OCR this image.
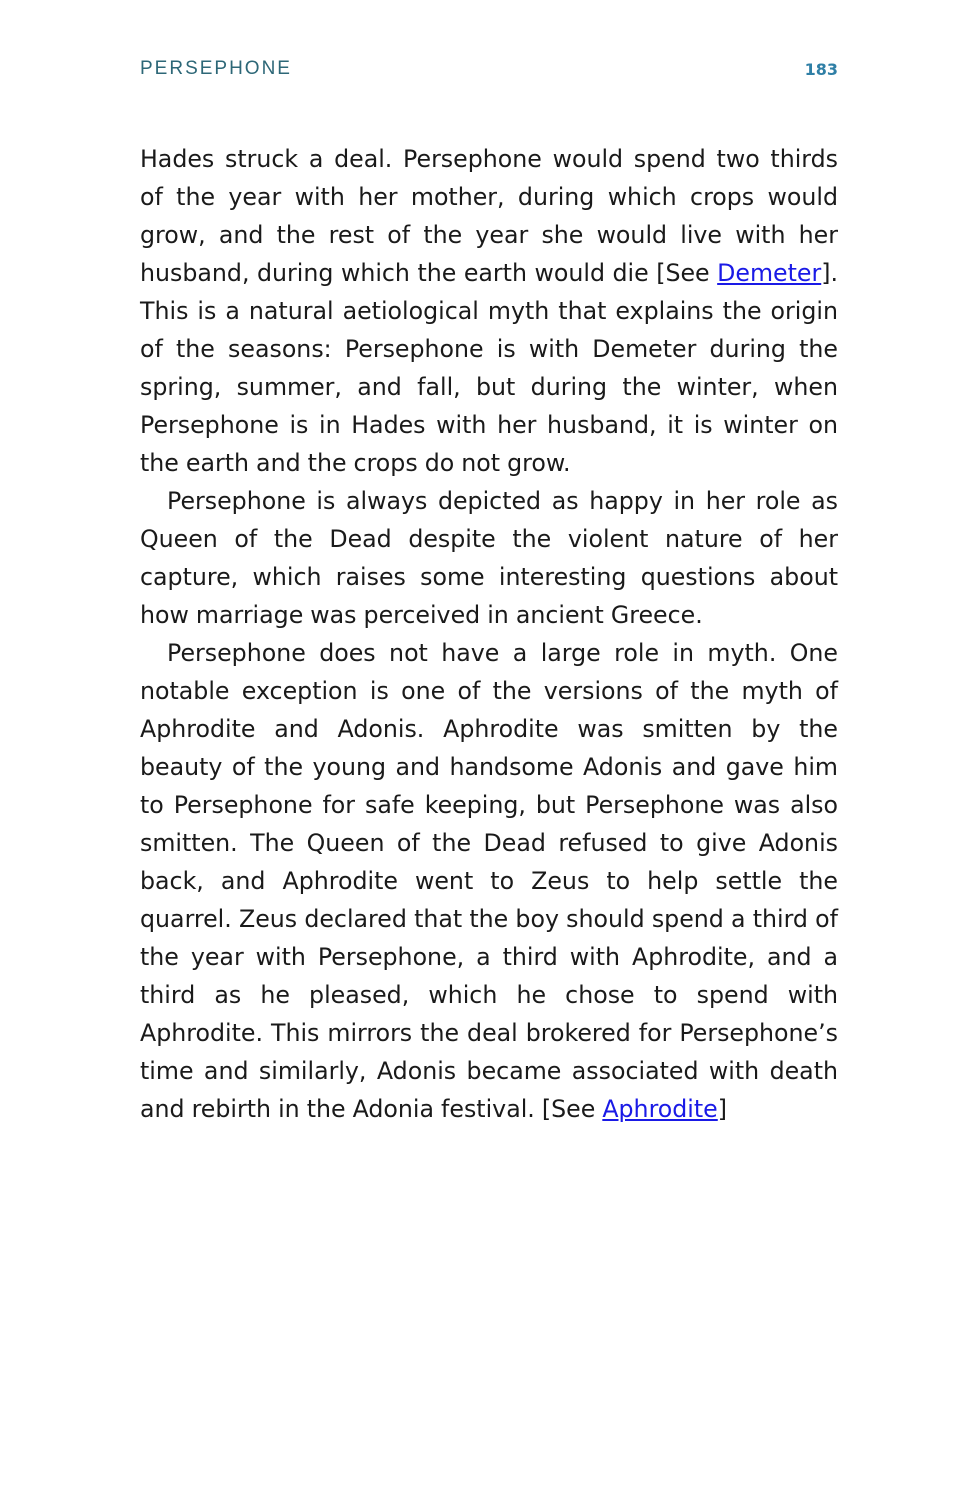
PERSEPHONE	183

Hades struck a deal. Persephone would spend two thirds of the year with her mother, during which crops would grow, and the rest of the year she would live with her husband, during which the earth would die [See Demeter]. This is a natural aetiological myth that explains the origin of the seasons: Persephone is with Demeter during the spring, summer, and fall, but during the winter, when Persephone is in Hades with her husband, it is winter on the earth and the crops do not grow.

Persephone is always depicted as happy in her role as Queen of the Dead despite the violent nature of her capture, which raises some interesting questions about how marriage was perceived in ancient Greece.

Persephone does not have a large role in myth. One notable exception is one of the versions of the myth of Aphrodite and Adonis. Aphrodite was smitten by the beauty of the young and handsome Adonis and gave him to Persephone for safe keeping, but Persephone was also smitten. The Queen of the Dead refused to give Adonis back, and Aphrodite went to Zeus to help settle the quarrel. Zeus declared that the boy should spend a third of the year with Persephone, a third with Aphrodite, and a third as he pleased, which he chose to spend with Aphrodite. This mirrors the deal brokered for Persephone’s time and similarly, Adonis became associated with death and rebirth in the Adonia festival. [See Aphrodite]
